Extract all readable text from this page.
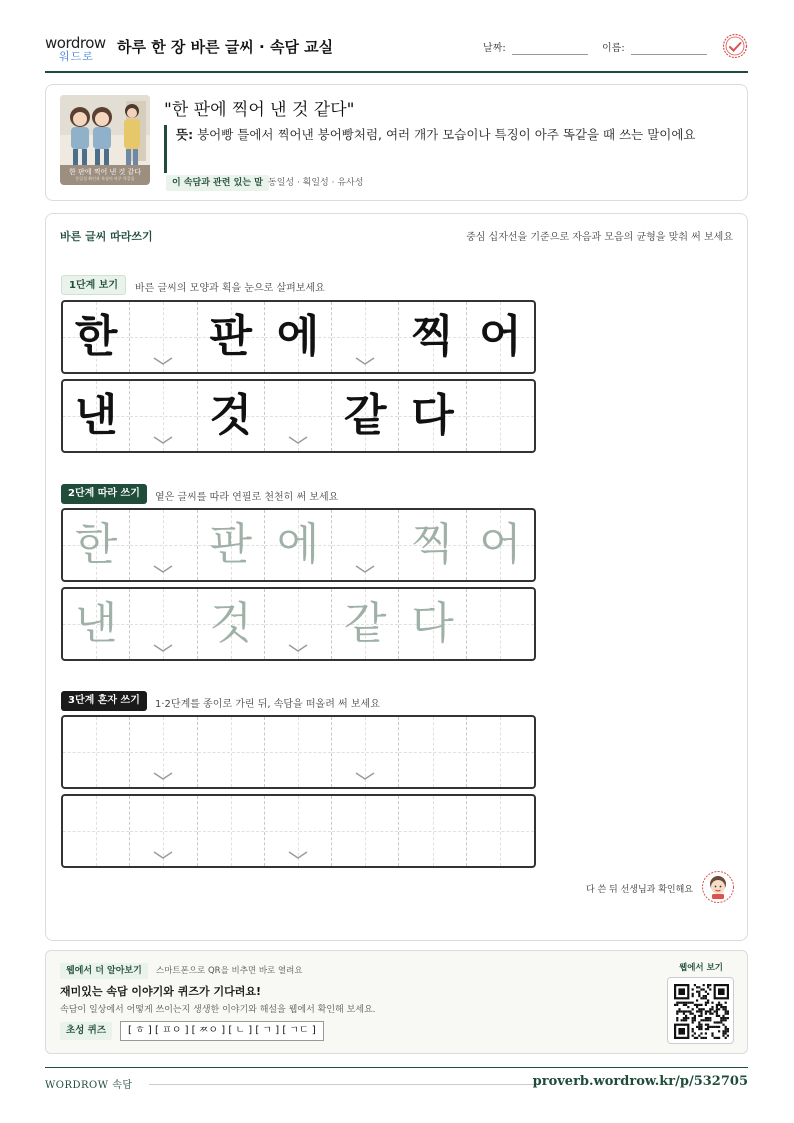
wordrow
워드로
하루 한 장 바른 글씨 · 속담 교실	날짜:	이름:
한 판에 찍어 낸 것 같다
동일성 확인과 특징이 아주 똑같음
"한 판에 찍어 낸 것 같다"
뜻: 붕어빵 틀에서 찍어낸 붕어빵처럼, 여러 개가 모습이나 특징이 아주 똑같을 때 쓰는 말이에요
이 속담과 관련 있는 말 동일성 · 획일성 · 유사성
바른 글씨 따라쓰기	중심 십자선을 기준으로 자음과 모음의 균형을 맞춰 써 보세요
1단계 보기	바른 글씨의 모양과 획을 눈으로 살펴보세요
한 판 에 찍 어
낸 것 같 다
2단계 따라 쓰기	옅은 글씨를 따라 연필로 천천히 써 보세요
한 판 에 찍 어
낸 것 같 다
3단계 혼자 쓰기	1·2단계를 종이로 가린 뒤, 속담을 떠올려 써 보세요
다 쓴 뒤 선생님과 확인해요
웹에서 더 알아보기	스마트폰으로 QR을 비추면 바로 열려요
재미있는 속담 이야기와 퀴즈가 기다려요!
속담이 일상에서 어떻게 쓰이는지 생생한 이야기와 해설을 웹에서 확인해 보세요.
초성 퀴즈	[ ㅎ ] [ ㅍㅇ ] [ ㅉㅇ ] [ ㄴ ] [ ㄱ ] [ ㄱㄷ ]
웹에서 보기
WORDROW 속담	proverb.wordrow.kr/p/532705
